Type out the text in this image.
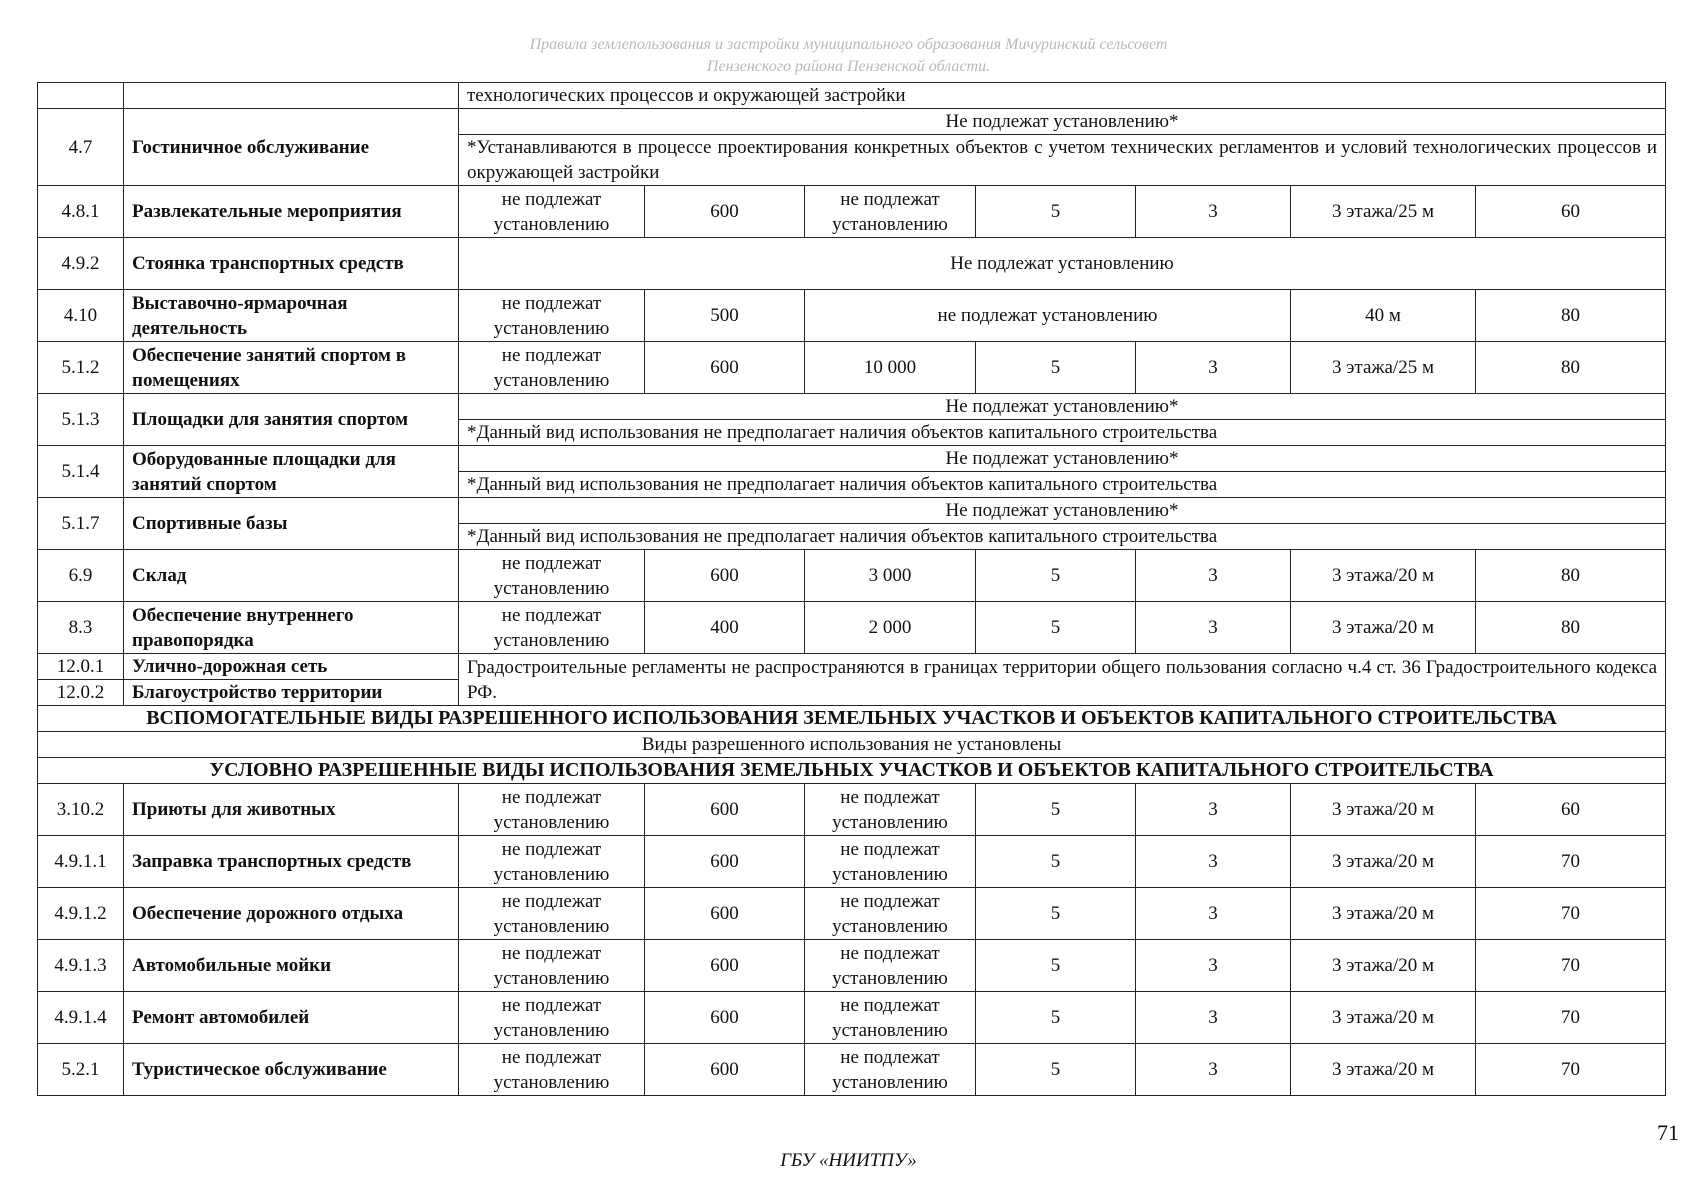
Правила землепользования и застройки муниципального образования Мичуринский сельсовет
Пензенского района Пензенской области.
		технологических процессов и окружающей застройки						
4.7	Гостиничное обслуживание	Не подлежат установлению*						
		*Устанавливаются в процессе проектирования конкретных объектов с учетом технических регламентов и условий технологических процессов и окружающей застройки						
4.8.1	Развлекательные мероприятия	не подлежат установлению	600	не подлежат установлению	5	3	3 этажа/25 м	60
4.9.2	Стоянка транспортных средств	Не подлежат установлению						
4.10	Выставочно-ярмарочная деятельность	не подлежат установлению	500	не подлежат установлению			40 м	80
5.1.2	Обеспечение занятий спортом в помещениях	не подлежат установлению	600	10 000	5	3	3 этажа/25 м	80
5.1.3	Площадки для занятия спортом	Не подлежат установлению*						
		*Данный вид использования не предполагает наличия объектов капитального строительства						
5.1.4	Оборудованные площадки для занятий спортом	Не подлежат установлению*						
		*Данный вид использования не предполагает наличия объектов капитального строительства						
5.1.7	Спортивные базы	Не подлежат установлению*						
		*Данный вид использования не предполагает наличия объектов капитального строительства						
6.9	Склад	не подлежат установлению	600	3 000	5	3	3 этажа/20 м	80
8.3	Обеспечение внутреннего правопорядка	не подлежат установлению	400	2 000	5	3	3 этажа/20 м	80
12.0.1	Улично-дорожная сеть	Градостроительные регламенты не распространяются в границах территории общего пользования согласно ч.4 ст. 36 Градостроительного кодекса РФ.						
12.0.2	Благоустройство территории							
ВСПОМОГАТЕЛЬНЫЕ ВИДЫ РАЗРЕШЕННОГО ИСПОЛЬЗОВАНИЯ ЗЕМЕЛЬНЫХ УЧАСТКОВ И ОБЪЕКТОВ КАПИТАЛЬНОГО СТРОИТЕЛЬСТВА								
Виды разрешенного использования не установлены								
УСЛОВНО РАЗРЕШЕННЫЕ ВИДЫ ИСПОЛЬЗОВАНИЯ ЗЕМЕЛЬНЫХ УЧАСТКОВ И ОБЪЕКТОВ КАПИТАЛЬНОГО СТРОИТЕЛЬСТВА								
3.10.2	Приюты для животных	не подлежат установлению	600	не подлежат установлению	5	3	3 этажа/20 м	60
4.9.1.1	Заправка транспортных средств	не подлежат установлению	600	не подлежат установлению	5	3	3 этажа/20 м	70
4.9.1.2	Обеспечение дорожного отдыха	не подлежат установлению	600	не подлежат установлению	5	3	3 этажа/20 м	70
4.9.1.3	Автомобильные мойки	не подлежат установлению	600	не подлежат установлению	5	3	3 этажа/20 м	70
4.9.1.4	Ремонт автомобилей	не подлежат установлению	600	не подлежат установлению	5	3	3 этажа/20 м	70
5.2.1	Туристическое обслуживание	не подлежат установлению	600	не подлежат установлению	5	3	3 этажа/20 м	70
71
ГБУ «НИИТПУ»
